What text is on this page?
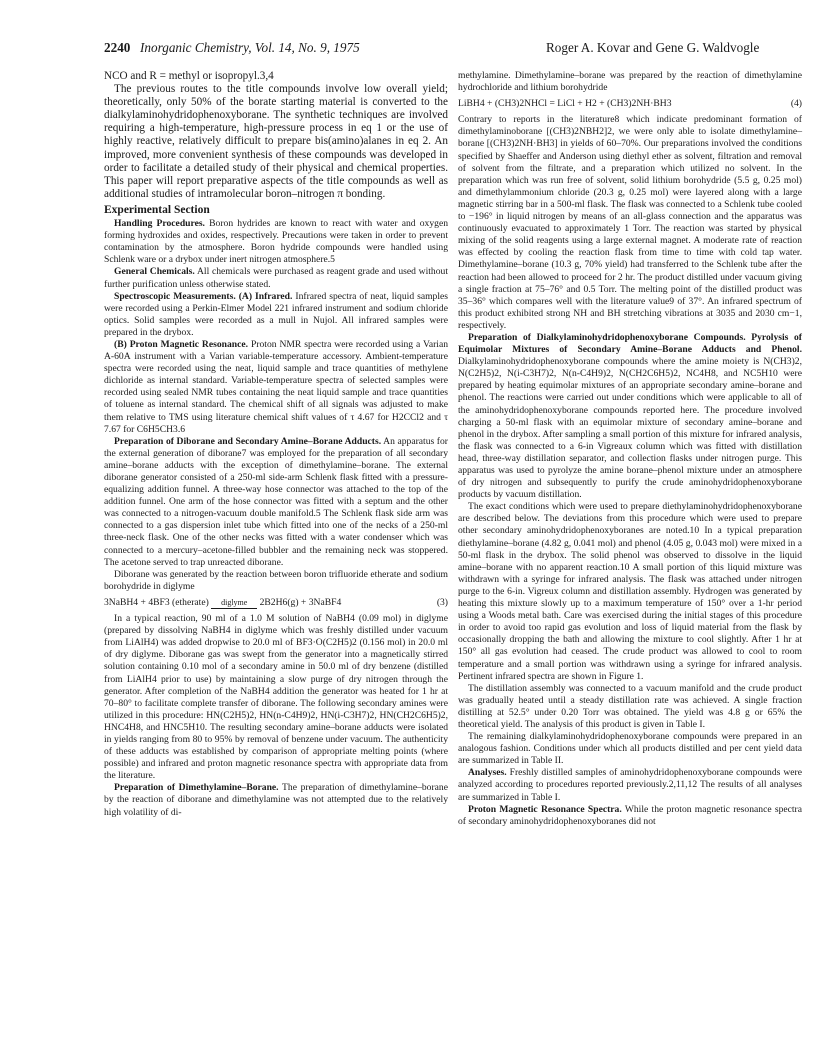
2240 Inorganic Chemistry, Vol. 14, No. 9, 1975	Roger A. Kovar and Gene G. Waldvogle

NCO and R = methyl or isopropyl.3,4

The previous routes to the title compounds involve low overall yield; theoretically, only 50% of the borate starting material is converted to the dialkylaminohydridophenoxyborane. The synthetic techniques are involved requiring a high-temperature, high-pressure process in eq 1 or the use of highly reactive, relatively difficult to prepare bis(amino)alanes in eq 2. An improved, more convenient synthesis of these compounds was developed in order to facilitate a detailed study of their physical and chemical properties. This paper will report preparative aspects of the title compounds as well as additional studies of intramolecular boron–nitrogen π bonding.

Experimental Section

Handling Procedures. Boron hydrides are known to react with water and oxygen forming hydroxides and oxides, respectively. Precautions were taken in order to prevent contamination by the atmosphere. Boron hydride compounds were handled using Schlenk ware or a drybox under inert nitrogen atmosphere.5

General Chemicals. All chemicals were purchased as reagent grade and used without further purification unless otherwise stated.

Spectroscopic Measurements. (A) Infrared. Infrared spectra of neat, liquid samples were recorded using a Perkin-Elmer Model 221 infrared instrument and sodium chloride optics. Solid samples were recorded as a mull in Nujol. All infrared samples were prepared in the drybox.

(B) Proton Magnetic Resonance. Proton NMR spectra were recorded using a Varian A-60A instrument with a Varian variable-temperature accessory. Ambient-temperature spectra were recorded using the neat, liquid sample and trace quantities of methylene dichloride as internal standard. Variable-temperature spectra of selected samples were recorded using sealed NMR tubes containing the neat liquid sample and trace quantities of toluene as internal standard. The chemical shift of all signals was adjusted to make them relative to TMS using literature chemical shift values of τ 4.67 for H2CCl2 and τ 7.67 for C6H5CH3.6

Preparation of Diborane and Secondary Amine–Borane Adducts. An apparatus for the external generation of diborane7 was employed for the preparation of all secondary amine–borane adducts with the exception of dimethylamine–borane. The external diborane generator consisted of a 250-ml side-arm Schlenk flask fitted with a pressure-equalizing addition funnel. A three-way hose connector was attached to the top of the addition funnel. One arm of the hose connector was fitted with a septum and the other was connected to a nitrogen-vacuum double manifold.5 The Schlenk flask side arm was connected to a gas dispersion inlet tube which fitted into one of the necks of a 250-ml three-neck flask. One of the other necks was fitted with a water condenser which was connected to a mercury–acetone-filled bubbler and the remaining neck was stoppered. The acetone served to trap unreacted diborane.

Diborane was generated by the reaction between boron trifluoride etherate and sodium borohydride in diglyme

3NaBH4 + 4BF3 (etherate)	diglyme	2B2H6(g) + 3NaBF4	(3)

In a typical reaction, 90 ml of a 1.0 M solution of NaBH4 (0.09 mol) in diglyme (prepared by dissolving NaBH4 in diglyme which was freshly distilled under vacuum from LiAlH4) was added dropwise to 20.0 ml of BF3·O(C2H5)2 (0.156 mol) in 20.0 ml of dry diglyme. Diborane gas was swept from the generator into a magnetically stirred solution containing 0.10 mol of a secondary amine in 50.0 ml of dry benzene (distilled from LiAlH4 prior to use) by maintaining a slow purge of dry nitrogen through the generator. After completion of the NaBH4 addition the generator was heated for 1 hr at 70–80° to facilitate complete transfer of diborane. The following secondary amines were utilized in this procedure: HN(C2H5)2, HN(n-C4H9)2, HN(i-C3H7)2, HN(CH2C6H5)2, HNC4H8, and HNC5H10. The resulting secondary amine–borane adducts were isolated in yields ranging from 80 to 95% by removal of benzene under vacuum. The authenticity of these adducts was established by comparison of appropriate melting points (where possible) and infrared and proton magnetic resonance spectra with appropriate data from the literature.

Preparation of Dimethylamine–Borane. The preparation of dimethylamine–borane by the reaction of diborane and dimethylamine was not attempted due to the relatively high volatility of di-

methylamine. Dimethylamine–borane was prepared by the reaction of dimethylamine hydrochloride and lithium borohydride

LiBH4 + (CH3)2NHCl = LiCl + H2 + (CH3)2NH·BH3	(4)

Contrary to reports in the literature8 which indicate predominant formation of dimethylaminoborane [(CH3)2NBH2]2, we were only able to isolate dimethylamine–borane [(CH3)2NH·BH3] in yields of 60–70%. Our preparations involved the conditions specified by Shaeffer and Anderson using diethyl ether as solvent, filtration and removal of solvent from the filtrate, and a preparation which utilized no solvent. In the preparation which was run free of solvent, solid lithium borohydride (5.5 g, 0.25 mol) and dimethylammonium chloride (20.3 g, 0.25 mol) were layered along with a large magnetic stirring bar in a 500-ml flask. The flask was connected to a Schlenk tube cooled to −196° in liquid nitrogen by means of an all-glass connection and the apparatus was continuously evacuated to approximately 1 Torr. The reaction was started by physical mixing of the solid reagents using a large external magnet. A moderate rate of reaction was effected by cooling the reaction flask from time to time with cold tap water. Dimethylamine–borane (10.3 g, 70% yield) had transferred to the Schlenk tube after the reaction had been allowed to proceed for 2 hr. The product distilled under vacuum giving a single fraction at 75–76° and 0.5 Torr. The melting point of the distilled product was 35–36° which compares well with the literature value9 of 37°. An infrared spectrum of this product exhibited strong NH and BH stretching vibrations at 3035 and 2030 cm−1, respectively.

Preparation of Dialkylaminohydridophenoxyborane Compounds. Pyrolysis of Equimolar Mixtures of Secondary Amine–Borane Adducts and Phenol. Dialkylaminohydridophenoxyborane compounds where the amine moiety is N(CH3)2, N(C2H5)2, N(i-C3H7)2, N(n-C4H9)2, N(CH2C6H5)2, NC4H8, and NC5H10 were prepared by heating equimolar mixtures of an appropriate secondary amine–borane and phenol. The reactions were carried out under conditions which were applicable to all of the aminohydridophenoxyborane compounds reported here. The procedure involved charging a 50-ml flask with an equimolar mixture of secondary amine–borane and phenol in the drybox. After sampling a small portion of this mixture for infrared analysis, the flask was connected to a 6-in Vigreaux column which was fitted with distillation head, three-way distillation separator, and collection flasks under nitrogen purge. This apparatus was used to pyrolyze the amine borane–phenol mixture under an atmosphere of dry nitrogen and subsequently to purify the crude aminohydridophenoxyborane products by vacuum distillation.

The exact conditions which were used to prepare diethylaminohydridophenoxyborane are described below. The deviations from this procedure which were used to prepare other secondary aminohydridophenoxyboranes are noted.10 In a typical preparation diethylamine–borane (4.82 g, 0.041 mol) and phenol (4.05 g, 0.043 mol) were mixed in a 50-ml flask in the drybox. The solid phenol was observed to dissolve in the liquid amine–borane with no apparent reaction.10 A small portion of this liquid mixture was withdrawn with a syringe for infrared analysis. The flask was attached under nitrogen purge to the 6-in. Vigreux column and distillation assembly. Hydrogen was generated by heating this mixture slowly up to a maximum temperature of 150° over a 1-hr period using a Woods metal bath. Care was exercised during the initial stages of this procedure in order to avoid too rapid gas evolution and loss of liquid material from the flask by occasionally dropping the bath and allowing the mixture to cool slightly. After 1 hr at 150° all gas evolution had ceased. The crude product was allowed to cool to room temperature and a small portion was withdrawn using a syringe for infrared analysis. Pertinent infrared spectra are shown in Figure 1.

The distillation assembly was connected to a vacuum manifold and the crude product was gradually heated until a steady distillation rate was achieved. A single fraction distilling at 52.5° under 0.20 Torr was obtained. The yield was 4.8 g or 65% the theoretical yield. The analysis of this product is given in Table I.

The remaining dialkylaminohydridophenoxyborane compounds were prepared in an analogous fashion. Conditions under which all products distilled and per cent yield data are summarized in Table II.

Analyses. Freshly distilled samples of aminohydridophenoxyborane compounds were analyzed according to procedures reported previously.2,11,12 The results of all analyses are summarized in Table I.

Proton Magnetic Resonance Spectra. While the proton magnetic resonance spectra of secondary aminohydridophenoxyboranes did not
